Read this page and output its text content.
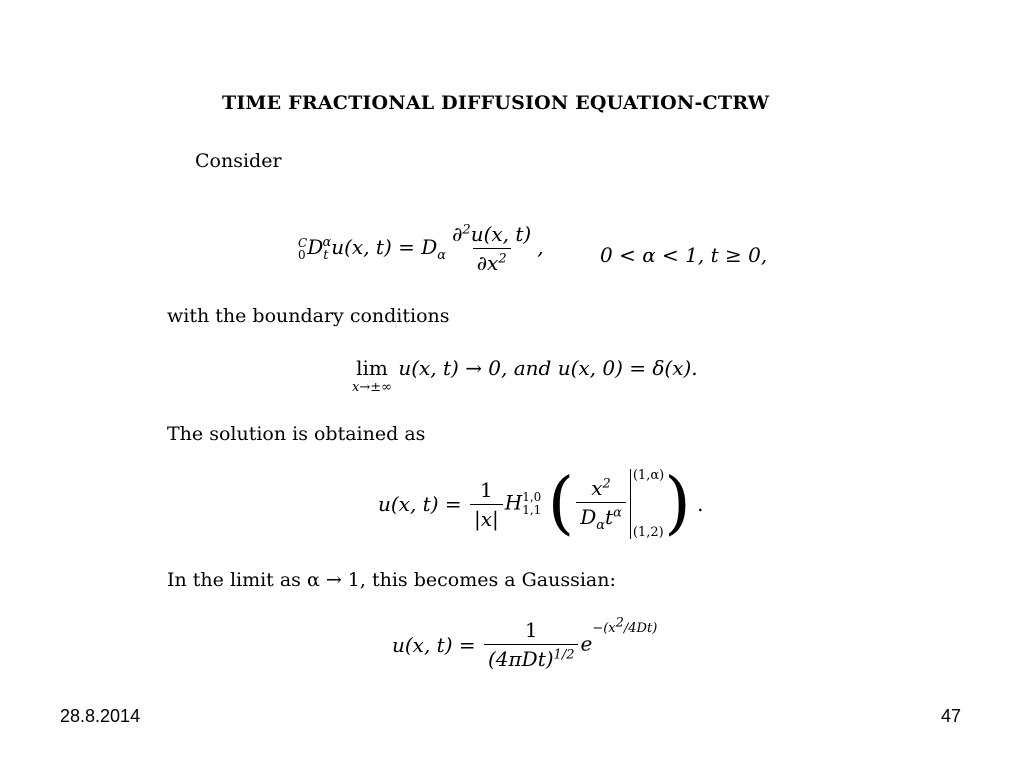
TIME FRACTIONAL DIFFUSION EQUATION-CTRW
Consider
C
0 $D_t^\alpha u(x$, $t) = D_\alpha \frac{\partial^2u(x, t)}{\partial x^2}$ ,	0 < α < 1, t ≥ 0,
with the boundary conditions
lim
x→±∞
u(x, t) → 0, and u(x, 0) = δ(x).
The solution is obtained as
u(x, $t) = \frac{1}{|x|}$ H 1,0
1,1 ( $\frac{x^2}{D_\alpha t^\alpha} (1,\alpha)$
(1,2) ) .
In the limit as α → 1, this becomes a Gaussian:
u(x, $t) = \frac{1}{(4\pi Dt)^{1/2}} e^{-(x^2/4Dt)}$
28.8.2014	47
